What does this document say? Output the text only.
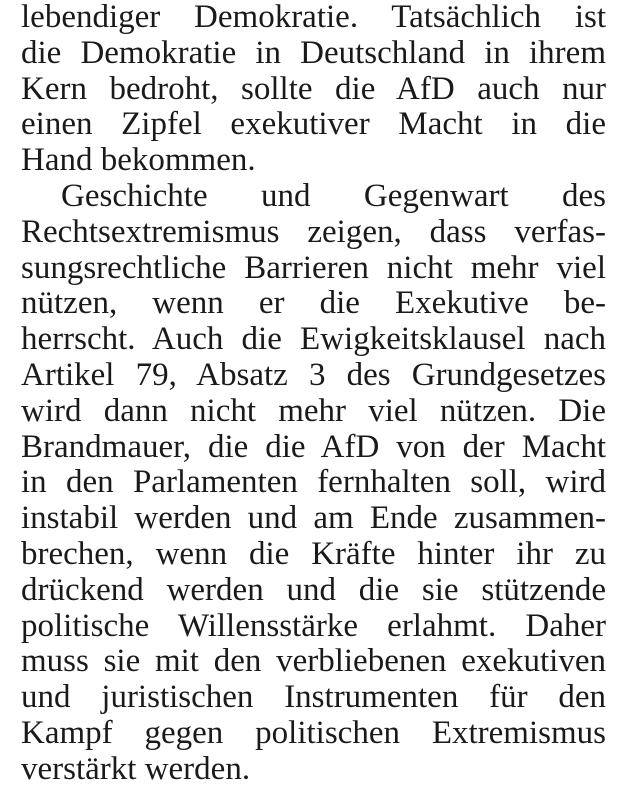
lebendiger Demokratie. Tatsächlich ist
die Demokratie in Deutschland in ihrem
Kern bedroht, sollte die AfD auch nur
einen Zipfel exekutiver Macht in die
Hand bekommen.
Geschichte und Gegenwart des
Rechtsextremismus zeigen, dass verfas-
sungsrechtliche Barrieren nicht mehr viel
nützen, wenn er die Exekutive be-
herrscht. Auch die Ewigkeitsklausel nach
Artikel 79, Absatz 3 des Grundgesetzes
wird dann nicht mehr viel nützen. Die
Brandmauer, die die AfD von der Macht
in den Parlamenten fernhalten soll, wird
instabil werden und am Ende zusammen-
brechen, wenn die Kräfte hinter ihr zu
drückend werden und die sie stützende
politische Willensstärke erlahmt. Daher
muss sie mit den verbliebenen exekutiven
und juristischen Instrumenten für den
Kampf gegen politischen Extremismus
verstärkt werden.
